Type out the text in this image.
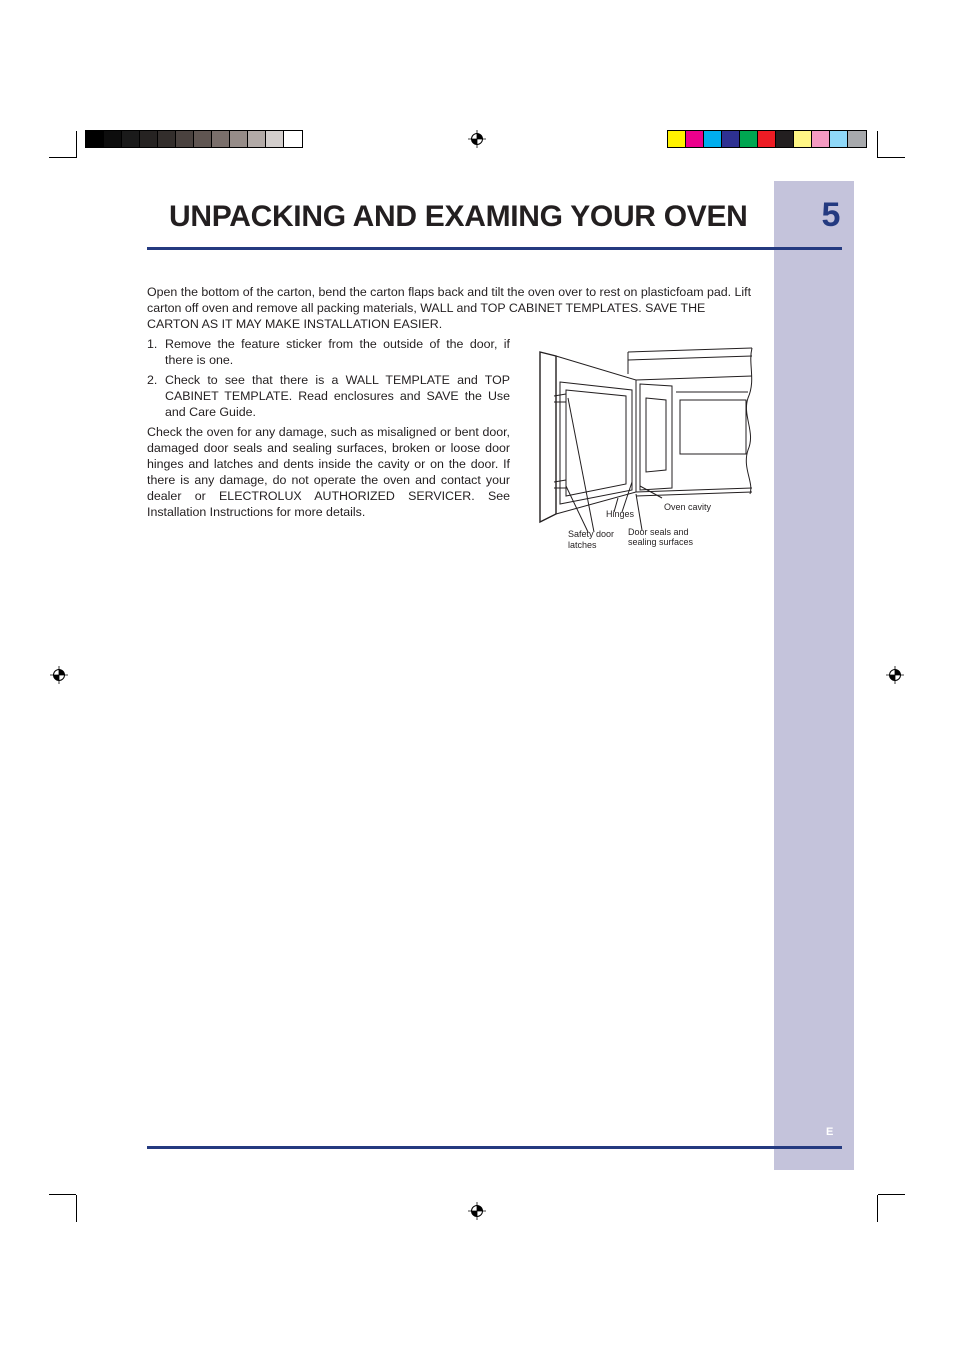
5
E
UNPACKING AND EXAMING YOUR OVEN
Open the bottom of the carton, bend the carton flaps back and tilt the oven over to rest on plasticfoam pad. Lift carton off oven and remove all packing materials, WALL and TOP CABINET TEMPLATES. SAVE THE CARTON AS IT MAY MAKE INSTALLATION EASIER.
1. Remove the feature sticker from the outside of the door, if there is one.
2. Check to see that there is a WALL TEMPLATE and TOP CABINET TEMPLATE. Read enclosures and SAVE the Use and Care Guide.
Check the oven for any damage, such as misaligned or bent door, damaged door seals and sealing surfaces, broken or loose door hinges and latches and dents inside the cavity or on the door. If there is any damage, do not operate the oven and contact your dealer or ELECTROLUX AUTHORIZED SERVICER. See Installation Instructions for more details.	Hinges
Oven cavity
Safety door
latches
Door seals and
sealing surfaces
